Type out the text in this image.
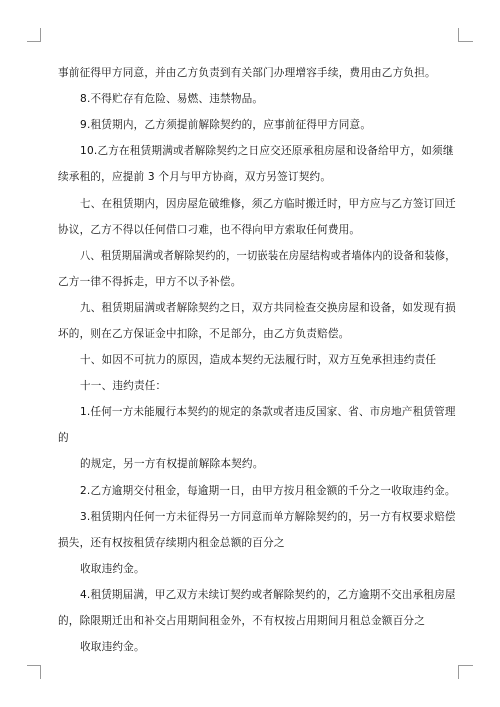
事前征得甲方同意，并由乙方负责到有关部门办理增容手续，费用由乙方负担。
8.不得贮存有危险、易燃、违禁物品。
9.租赁期内，乙方须提前解除契约的，应事前征得甲方同意。
10.乙方在租赁期满或者解除契约之日应交还原承租房屋和设备给甲方，如须继
续承租的，应提前 3 个月与甲方协商，双方另签订契约。
七、在租赁期内，因房屋危破维修，须乙方临时搬迁时，甲方应与乙方签订回迁
协议，乙方不得以任何借口刁难，也不得向甲方索取任何费用。
八、租赁期届满或者解除契约的，一切嵌装在房屋结构或者墙体内的设备和装修，
乙方一律不得拆走，甲方不以予补偿。
九、租赁期届满或者解除契约之日，双方共同检查交换房屋和设备，如发现有损
坏的，则在乙方保证金中扣除，不足部分，由乙方负责赔偿。
十、如因不可抗力的原因，造成本契约无法履行时，双方互免承担违约责任
十一、违约责任：
1.任何一方未能履行本契约的规定的条款或者违反国家、省、市房地产租赁管理
的
的规定，另一方有权提前解除本契约。
2.乙方逾期交付租金，每逾期一日，由甲方按月租金额的千分之一收取违约金。
3.租赁期内任何一方未征得另一方同意而单方解除契约的，另一方有权要求赔偿
损失，还有权按租赁存续期内租金总额的百分之
收取违约金。
4.租赁期届满，甲乙双方未续订契约或者解除契约的，乙方逾期不交出承租房屋
的，除限期迁出和补交占用期间租金外，不有权按占用期间月租总金额百分之
收取违约金。
